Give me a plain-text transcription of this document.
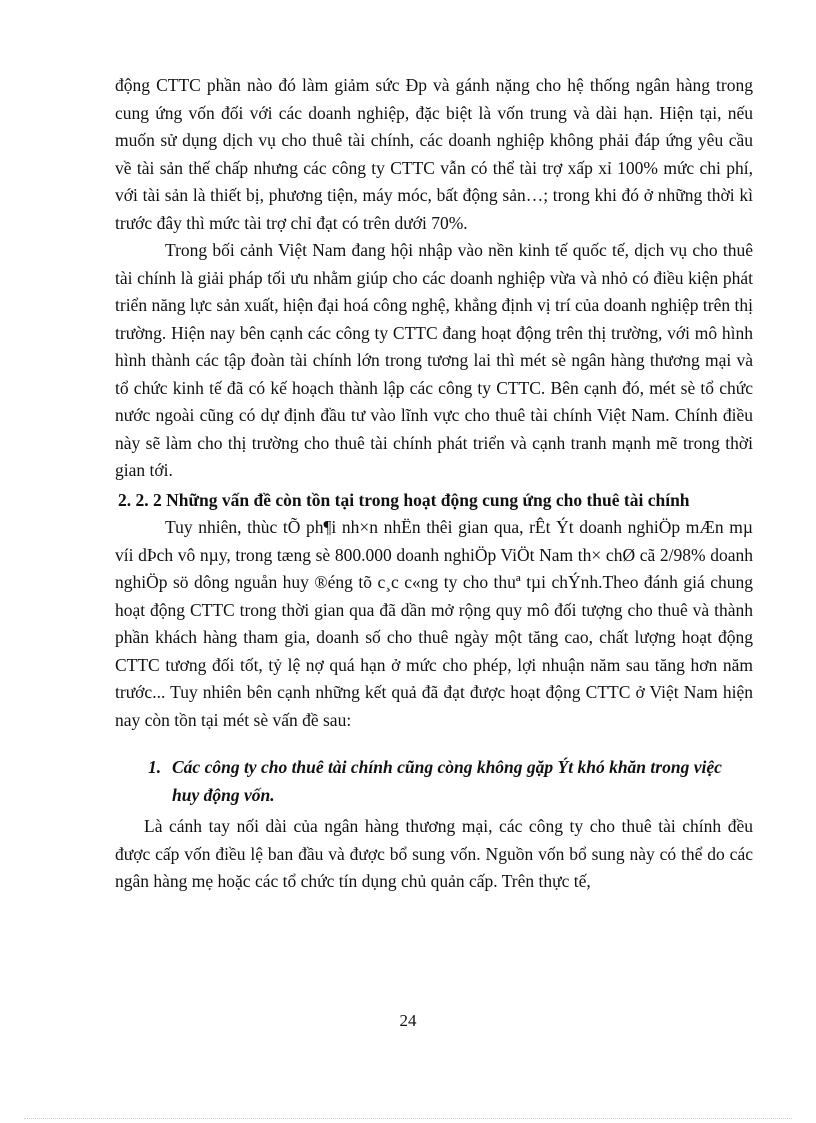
động CTTC phần nào đó làm giảm sức Đp và gánh nặng cho hệ thống ngân hàng trong cung ứng vốn đối với các doanh nghiệp, đặc biệt là vốn trung và dài hạn. Hiện tại, nếu muốn sử dụng dịch vụ cho thuê tài chính, các doanh nghiệp không phải đáp ứng yêu cầu về tài sản thế chấp nhưng các công ty CTTC vẫn có thể tài trợ xấp xỉ 100% mức chi phí, với tài sản là thiết bị, phương tiện, máy móc, bất động sản…; trong khi đó ở những thời kì trước đây thì mức tài trợ chỉ đạt có trên dưới 70%.

Trong bối cảnh Việt Nam đang hội nhập vào nền kinh tế quốc tế, dịch vụ cho thuê tài chính là giải pháp tối ưu nhằm giúp cho các doanh nghiệp vừa và nhỏ có điều kiện phát triển năng lực sản xuất, hiện đại hoá công nghệ, khẳng định vị trí của doanh nghiệp trên thị trường. Hiện nay bên cạnh các công ty CTTC đang hoạt động trên thị trường, với mô hình hình thành các tập đoàn tài chính lớn trong tương lai thì mét sè ngân hàng thương mại và tổ chức kinh tế đã có kế hoạch thành lập các công ty CTTC. Bên cạnh đó, mét sè tổ chức nước ngoài cũng có dự định đầu tư vào lĩnh vực cho thuê tài chính Việt Nam. Chính điều này sẽ làm cho thị trường cho thuê tài chính phát triển và cạnh tranh mạnh mẽ trong thời gian tới.

2. 2. 2 Những vấn đề còn tồn tại trong hoạt động cung ứng cho thuê tài chính

Tuy nhiên, thùc tÕ ph¶i nh×n nhËn thêi gian qua, rÊt Ýt doanh nghiÖp mÆn mµ víi dÞch vô nµy, trong tæng sè 800.000 doanh nghiÖp ViÖt Nam th× chØ cã 2/98% doanh nghiÖp sö dông nguån huy ®éng tõ c¸c c«ng ty cho thuª tµi chÝnh.Theo đánh giá chung hoạt động CTTC trong thời gian qua đã dần mở rộng quy mô đối tượng cho thuê và thành phần khách hàng tham gia, doanh số cho thuê ngày một tăng cao, chất lượng hoạt động CTTC tương đối tốt, tỷ lệ nợ quá hạn ở mức cho phép, lợi nhuận năm sau tăng hơn năm trước... Tuy nhiên bên cạnh những kết quả đã đạt được hoạt động CTTC ở Việt Nam hiện nay còn tồn tại mét sè vấn đề sau:

1. Các công ty cho thuê tài chính cũng còng không gặp Ýt khó khăn trong việc huy động vốn.

Là cánh tay nối dài của ngân hàng thương mại, các công ty cho thuê tài chính đều được cấp vốn điều lệ ban đầu và được bổ sung vốn. Nguồn vốn bổ sung này có thể do các ngân hàng mẹ hoặc các tổ chức tín dụng chủ quản cấp. Trên thực tế,

24
